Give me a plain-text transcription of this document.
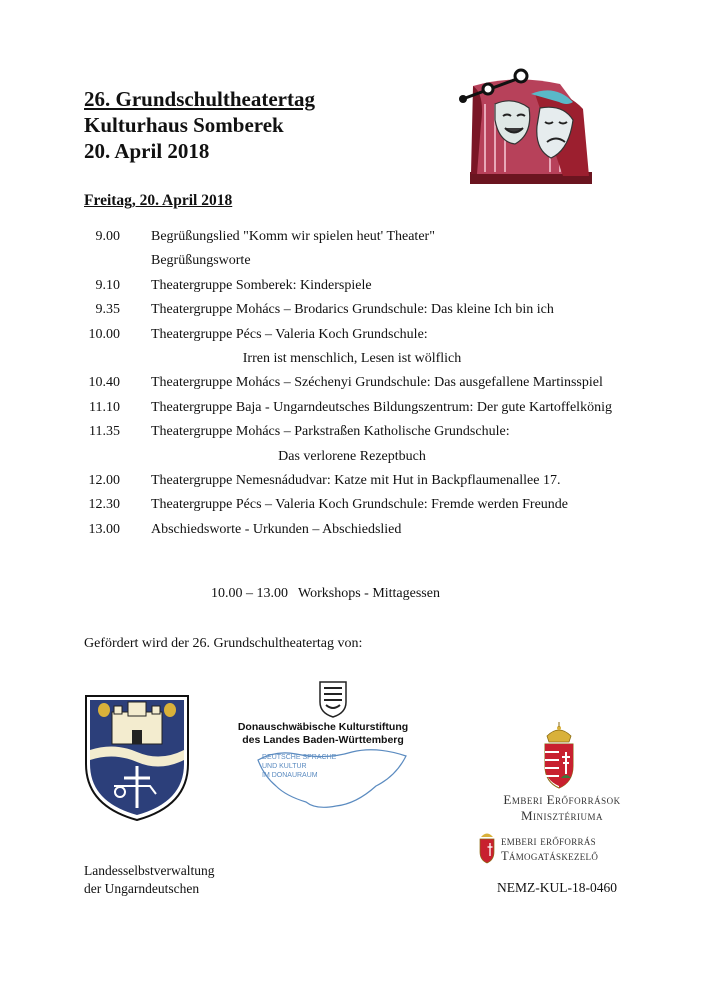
26. Grundschultheatertag
Kulturhaus Somberek
20. April 2018
Freitag, 20. April 2018
9.00 Begrüßungslied "Komm wir spielen heut' Theater"
Begrüßungsworte
9.10 Theatergruppe Somberek: Kinderspiele
9.35 Theatergruppe Mohács – Brodarics Grundschule: Das kleine Ich bin ich
10.00 Theatergruppe Pécs – Valeria Koch Grundschule:
Irren ist menschlich, Lesen ist wölflich
10.40 Theatergruppe Mohács – Széchenyi Grundschule: Das ausgefallene Martinsspiel
11.10 Theatergruppe Baja - Ungarndeutsches Bildungszentrum: Der gute Kartoffelkönig
11.35 Theatergruppe Mohács – Parkstraßen Katholische Grundschule:
Das verlorene Rezeptbuch
12.00 Theatergruppe Nemesnádudvar: Katze mit Hut in Backpflaumenallee 17.
12.30 Theatergruppe Pécs – Valeria Koch Grundschule: Fremde werden Freunde
13.00 Abschiedsworte - Urkunden – Abschiedslied
10.00 – 13.00 Workshops - Mittagessen
Gefördert wird der 26. Grundschultheatertag von:
Landesselbstverwaltung
der Ungarndeutschen
Donauschwäbische Kulturstiftung
des Landes Baden-Württemberg
DEUTSCHE SPRACHE
UND KULTUR
IM DONAURAUM
Emberi Erőforrások
Minisztériuma
emberi erőforrás
Támogatáskezelő
NEMZ-KUL-18-0460
